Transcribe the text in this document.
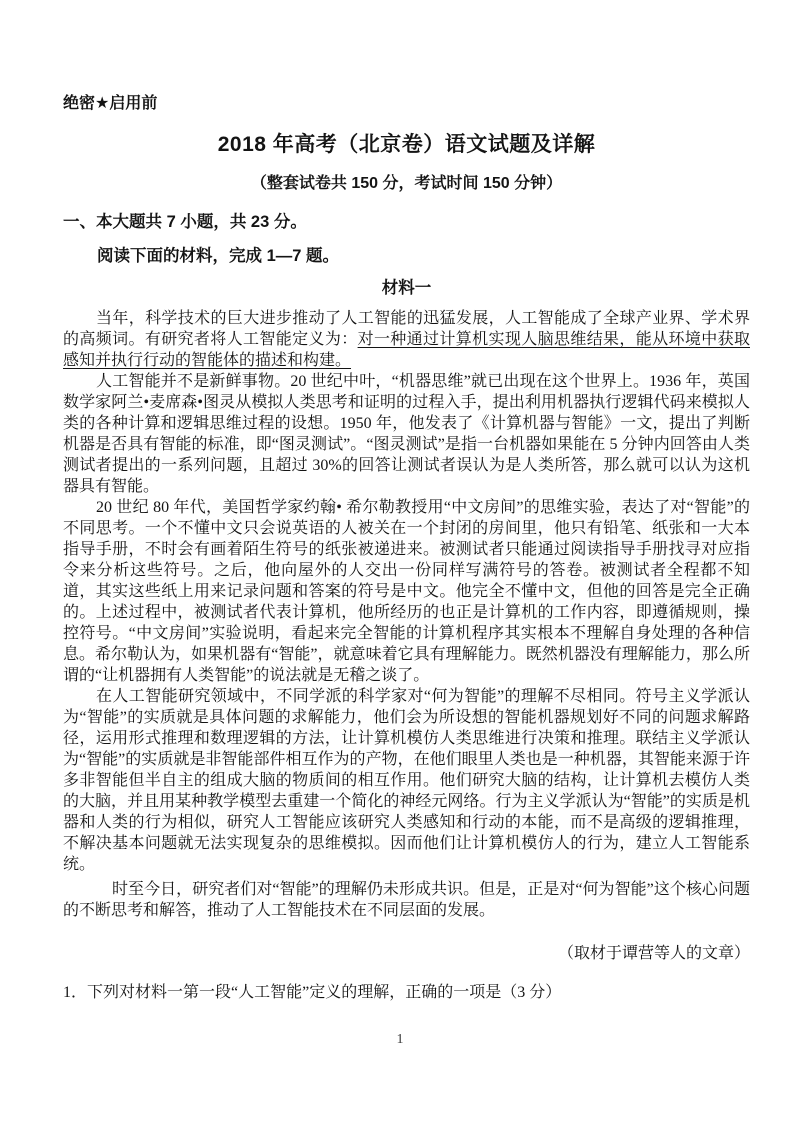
绝密★启用前
2018 年高考（北京卷）语文试题及详解
（整套试卷共 150 分，考试时间 150 分钟）
一、本大题共 7 小题，共 23 分。
阅读下面的材料，完成 1—7 题。
材料一

当年，科学技术的巨大进步推动了人工智能的迅猛发展，人工智能成了全球产业界、学术界的高频词。有研究者将人工智能定义为：对一种通过计算机实现人脑思维结果，能从环境中获取感知并执行行动的智能体的描述和构建。

人工智能并不是新鲜事物。20 世纪中叶，“机器思维”就已出现在这个世界上。1936 年，英国数学家阿兰•麦席森•图灵从模拟人类思考和证明的过程入手，提出利用机器执行逻辑代码来模拟人类的各种计算和逻辑思维过程的设想。1950 年，他发表了《计算机器与智能》一文，提出了判断机器是否具有智能的标准，即“图灵测试”。“图灵测试”是指一台机器如果能在 5 分钟内回答由人类测试者提出的一系列问题，且超过 30%的回答让测试者误认为是人类所答，那么就可以认为这机器具有智能。

20 世纪 80 年代，美国哲学家约翰• 希尔勒教授用“中文房间”的思维实验，表达了对“智能”的不同思考。一个不懂中文只会说英语的人被关在一个封闭的房间里，他只有铅笔、纸张和一大本指导手册，不时会有画着陌生符号的纸张被递进来。被测试者只能通过阅读指导手册找寻对应指令来分析这些符号。之后，他向屋外的人交出一份同样写满符号的答卷。被测试者全程都不知道，其实这些纸上用来记录问题和答案的符号是中文。他完全不懂中文，但他的回答是完全正确的。上述过程中，被测试者代表计算机，他所经历的也正是计算机的工作内容，即遵循规则，操控符号。“中文房间”实验说明，看起来完全智能的计算机程序其实根本不理解自身处理的各种信息。希尔勒认为，如果机器有“智能”，就意味着它具有理解能力。既然机器没有理解能力，那么所谓的“让机器拥有人类智能”的说法就是无稽之谈了。

在人工智能研究领域中，不同学派的科学家对“何为智能”的理解不尽相同。符号主义学派认为“智能”的实质就是具体问题的求解能力，他们会为所设想的智能机器规划好不同的问题求解路径，运用形式推理和数理逻辑的方法，让计算机模仿人类思维进行决策和推理。联结主义学派认为“智能”的实质就是非智能部件相互作为的产物，在他们眼里人类也是一种机器，其智能来源于许多非智能但半自主的组成大脑的物质间的相互作用。他们研究大脑的结构，让计算机去模仿人类的大脑，并且用某种教学模型去重建一个简化的神经元网络。行为主义学派认为“智能”的实质是机器和人类的行为相似，研究人工智能应该研究人类感知和行动的本能，而不是高级的逻辑推理，不解决基本问题就无法实现复杂的思维模拟。因而他们让计算机模仿人的行为，建立人工智能系统。

时至今日，研究者们对“智能”的理解仍未形成共识。但是，正是对“何为智能”这个核心问题的不断思考和解答，推动了人工智能技术在不同层面的发展。

（取材于谭营等人的文章）
1．下列对材料一第一段“人工智能”定义的理解，正确的一项是（3 分）
1
